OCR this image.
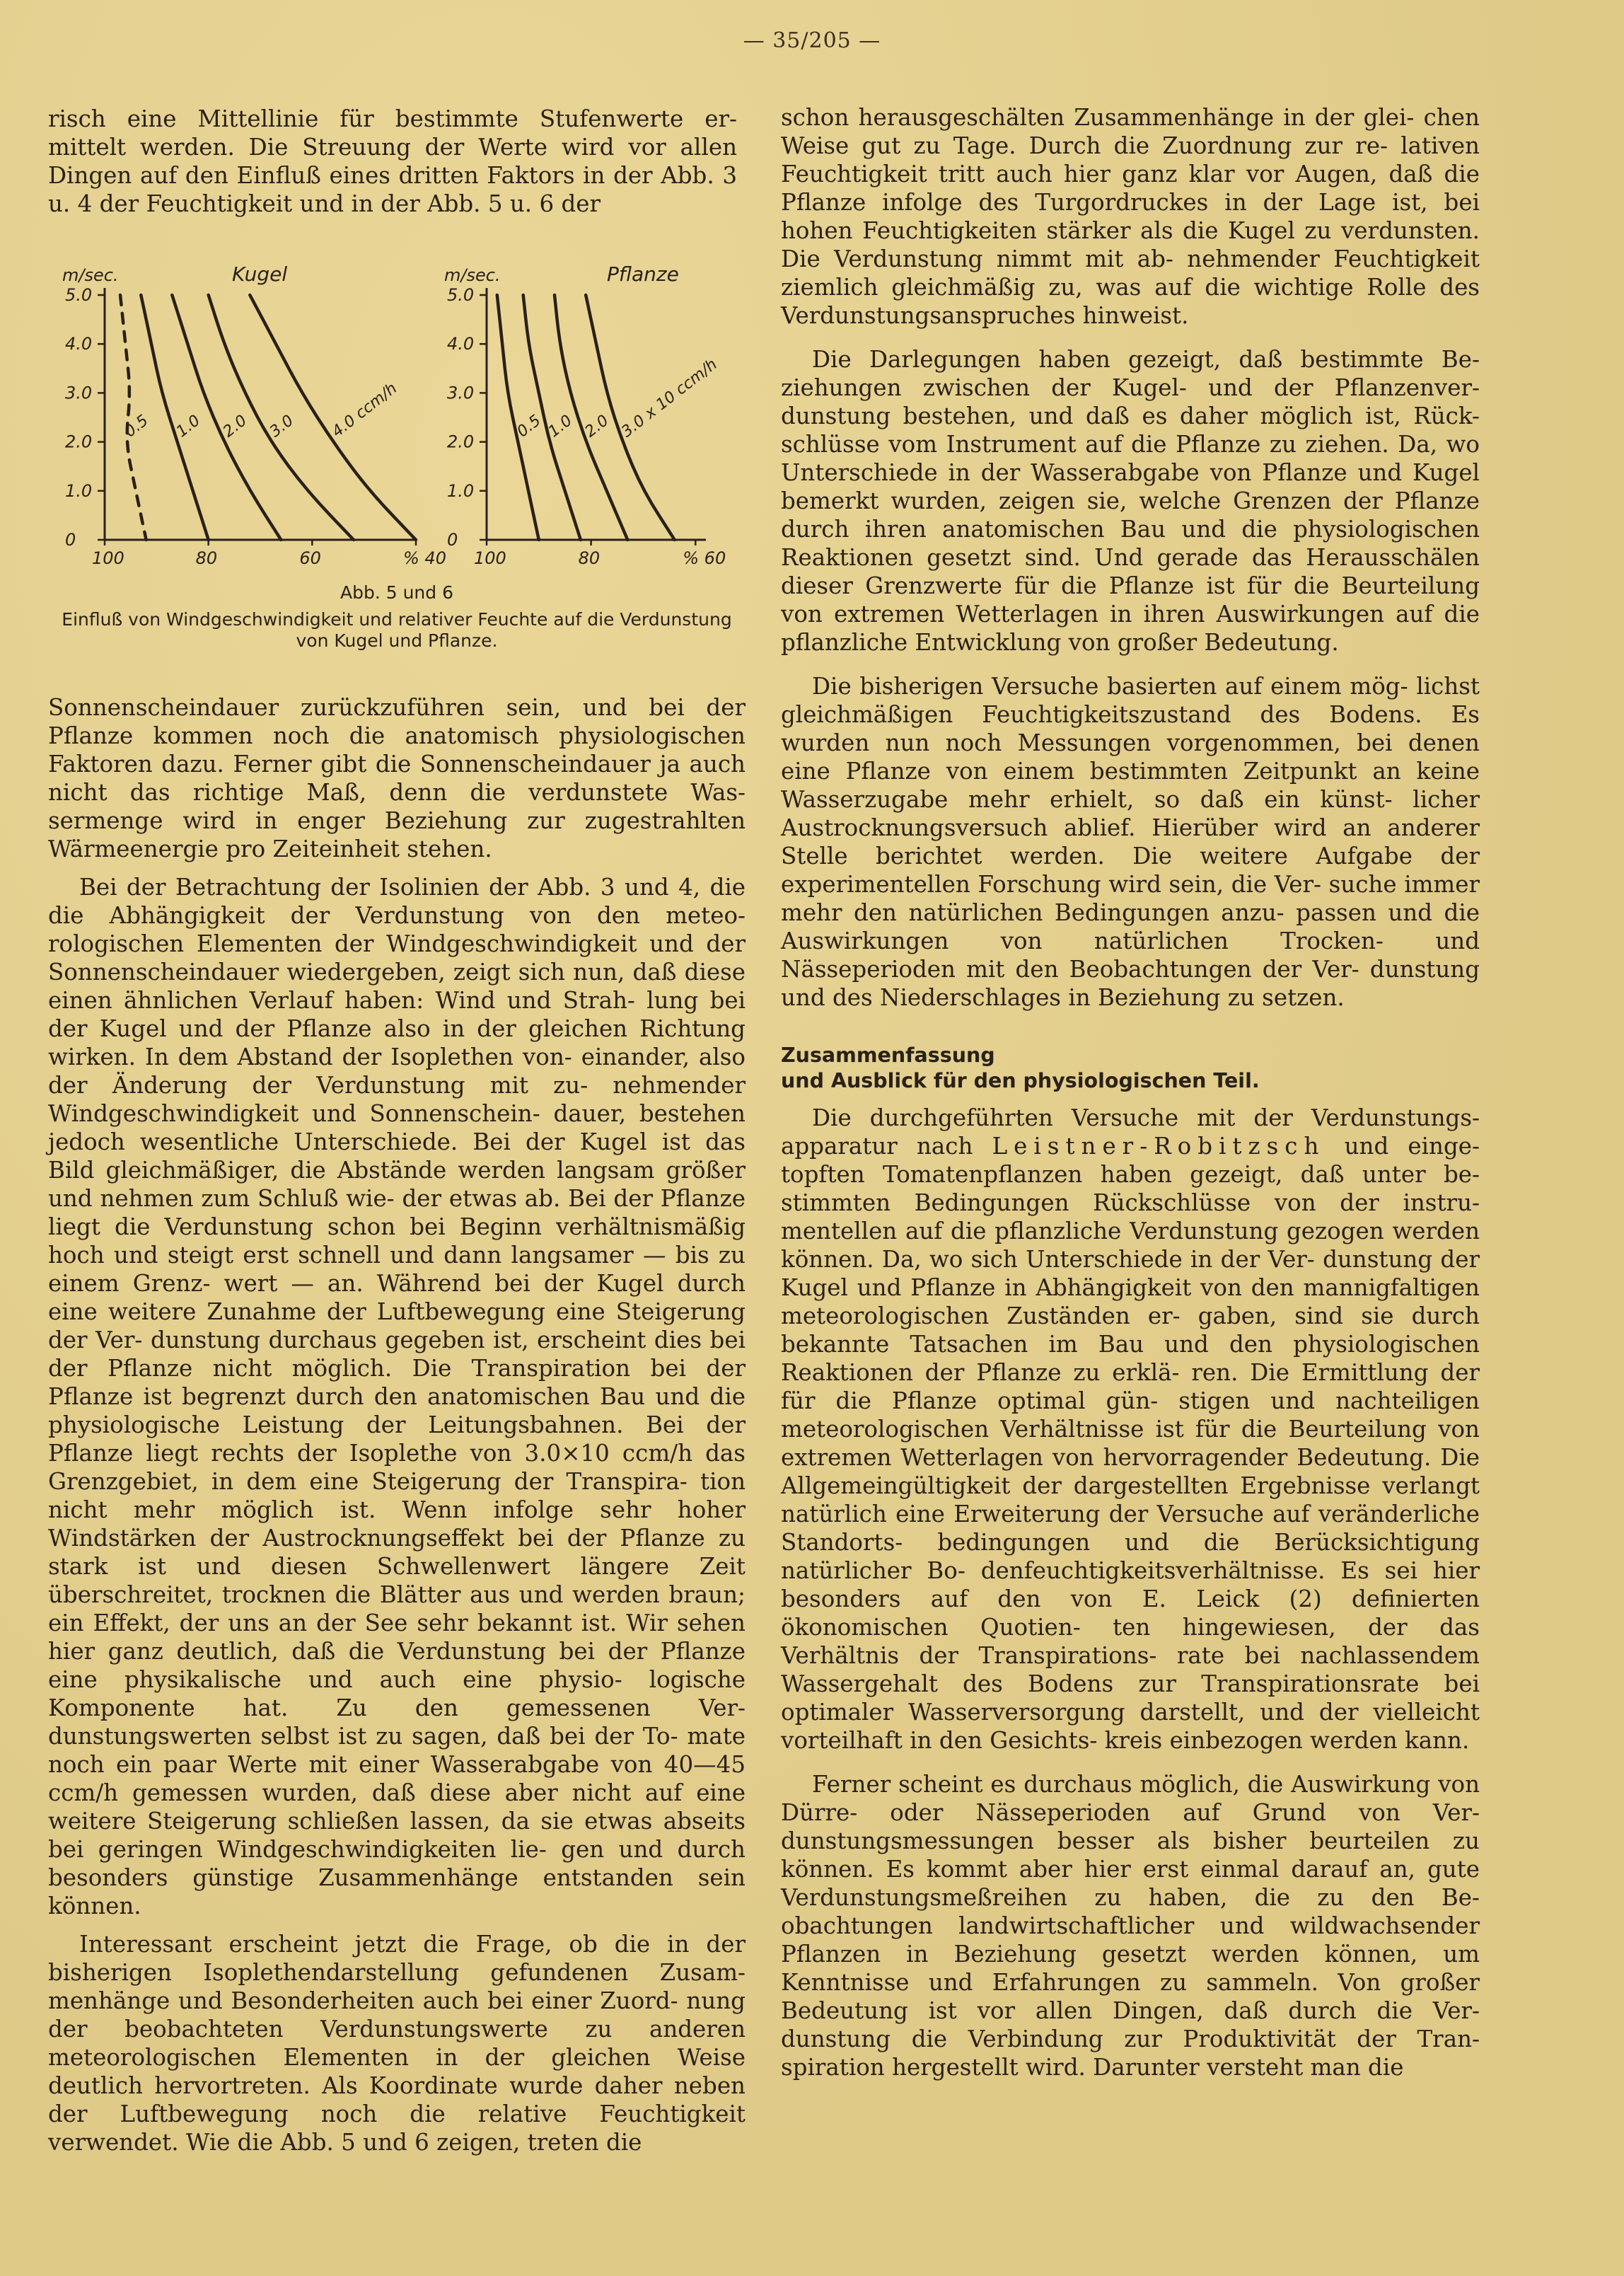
— 35/205 —

risch eine Mittellinie für bestimmte Stufenwerte er- mittelt werden. Die Streuung der Werte wird vor allen Dingen auf den Einfluß eines dritten Faktors in der Abb. 3 u. 4 der Feuchtigkeit und in der Abb. 5 u. 6 der

m/sec.	Kugel
5.0
4.0
3.0
2.0
1.0
0
100	80	60	% 40
0.5 1.0 2.0 3.0 4.0 ccm/h
m/sec.	Pflanze
5.0
4.0
3.0
2.0
1.0
0
100	80	% 60
0.5 1.0 2.0 3.0 x 10 ccm/h
Abb. 5 und 6
Einfluß von Windgeschwindigkeit und relativer Feuchte auf die Verdunstung von Kugel und Pflanze.

Sonnenscheindauer zurückzuführen sein, und bei der Pflanze kommen noch die anatomisch physiologischen Faktoren dazu. Ferner gibt die Sonnenscheindauer ja auch nicht das richtige Maß, denn die verdunstete Was- sermenge wird in enger Beziehung zur zugestrahlten Wärmeenergie pro Zeiteinheit stehen.

Bei der Betrachtung der Isolinien der Abb. 3 und 4, die die Abhängigkeit der Verdunstung von den meteo- rologischen Elementen der Windgeschwindigkeit und der Sonnenscheindauer wiedergeben, zeigt sich nun, daß diese einen ähnlichen Verlauf haben: Wind und Strah- lung bei der Kugel und der Pflanze also in der gleichen Richtung wirken. In dem Abstand der Isoplethen von- einander, also der Änderung der Verdunstung mit zu- nehmender Windgeschwindigkeit und Sonnenschein- dauer, bestehen jedoch wesentliche Unterschiede. Bei der Kugel ist das Bild gleichmäßiger, die Abstände werden langsam größer und nehmen zum Schluß wie- der etwas ab. Bei der Pflanze liegt die Verdunstung schon bei Beginn verhältnismäßig hoch und steigt erst schnell und dann langsamer — bis zu einem Grenz- wert — an. Während bei der Kugel durch eine weitere Zunahme der Luftbewegung eine Steigerung der Ver- dunstung durchaus gegeben ist, erscheint dies bei der Pflanze nicht möglich. Die Transpiration bei der Pflanze ist begrenzt durch den anatomischen Bau und die physiologische Leistung der Leitungsbahnen. Bei der Pflanze liegt rechts der Isoplethe von 3.0×10 ccm/h das Grenzgebiet, in dem eine Steigerung der Transpira- tion nicht mehr möglich ist. Wenn infolge sehr hoher Windstärken der Austrocknungseffekt bei der Pflanze zu stark ist und diesen Schwellenwert längere Zeit überschreitet, trocknen die Blätter aus und werden braun; ein Effekt, der uns an der See sehr bekannt ist. Wir sehen hier ganz deutlich, daß die Verdunstung bei der Pflanze eine physikalische und auch eine physio- logische Komponente hat. Zu den gemessenen Ver- dunstungswerten selbst ist zu sagen, daß bei der To- mate noch ein paar Werte mit einer Wasserabgabe von 40—45 ccm/h gemessen wurden, daß diese aber nicht auf eine weitere Steigerung schließen lassen, da sie etwas abseits bei geringen Windgeschwindigkeiten lie- gen und durch besonders günstige Zusammenhänge entstanden sein können.

Interessant erscheint jetzt die Frage, ob die in der bisherigen Isoplethendarstellung gefundenen Zusam- menhänge und Besonderheiten auch bei einer Zuord- nung der beobachteten Verdunstungswerte zu anderen meteorologischen Elementen in der gleichen Weise deutlich hervortreten. Als Koordinate wurde daher neben der Luftbewegung noch die relative Feuchtigkeit verwendet. Wie die Abb. 5 und 6 zeigen, treten die

schon herausgeschälten Zusammenhänge in der glei- chen Weise gut zu Tage. Durch die Zuordnung zur re- lativen Feuchtigkeit tritt auch hier ganz klar vor Augen, daß die Pflanze infolge des Turgordruckes in der Lage ist, bei hohen Feuchtigkeiten stärker als die Kugel zu verdunsten. Die Verdunstung nimmt mit ab- nehmender Feuchtigkeit ziemlich gleichmäßig zu, was auf die wichtige Rolle des Verdunstungsanspruches hinweist.

Die Darlegungen haben gezeigt, daß bestimmte Be- ziehungen zwischen der Kugel- und der Pflanzenver- dunstung bestehen, und daß es daher möglich ist, Rück- schlüsse vom Instrument auf die Pflanze zu ziehen. Da, wo Unterschiede in der Wasserabgabe von Pflanze und Kugel bemerkt wurden, zeigen sie, welche Grenzen der Pflanze durch ihren anatomischen Bau und die physiologischen Reaktionen gesetzt sind. Und gerade das Herausschälen dieser Grenzwerte für die Pflanze ist für die Beurteilung von extremen Wetterlagen in ihren Auswirkungen auf die pflanzliche Entwicklung von großer Bedeutung.

Die bisherigen Versuche basierten auf einem mög- lichst gleichmäßigen Feuchtigkeitszustand des Bodens. Es wurden nun noch Messungen vorgenommen, bei denen eine Pflanze von einem bestimmten Zeitpunkt an keine Wasserzugabe mehr erhielt, so daß ein künst- licher Austrocknungsversuch ablief. Hierüber wird an anderer Stelle berichtet werden. Die weitere Aufgabe der experimentellen Forschung wird sein, die Ver- suche immer mehr den natürlichen Bedingungen anzu- passen und die Auswirkungen von natürlichen Trocken- und Nässeperioden mit den Beobachtungen der Ver- dunstung und des Niederschlages in Beziehung zu setzen.

Zusammenfassung
und Ausblick für den physiologischen Teil.

Die durchgeführten Versuche mit der Verdunstungs- apparatur nach Leistner-Robitzsch und einge- topften Tomatenpflanzen haben gezeigt, daß unter be- stimmten Bedingungen Rückschlüsse von der instru- mentellen auf die pflanzliche Verdunstung gezogen werden können. Da, wo sich Unterschiede in der Ver- dunstung der Kugel und Pflanze in Abhängigkeit von den mannigfaltigen meteorologischen Zuständen er- gaben, sind sie durch bekannte Tatsachen im Bau und den physiologischen Reaktionen der Pflanze zu erklä- ren. Die Ermittlung der für die Pflanze optimal gün- stigen und nachteiligen meteorologischen Verhältnisse ist für die Beurteilung von extremen Wetterlagen von hervorragender Bedeutung. Die Allgemeingültigkeit der dargestellten Ergebnisse verlangt natürlich eine Erweiterung der Versuche auf veränderliche Standorts- bedingungen und die Berücksichtigung natürlicher Bo- denfeuchtigkeitsverhältnisse. Es sei hier besonders auf den von E. Leick (2) definierten ökonomischen Quotien- ten hingewiesen, der das Verhältnis der Transpirations- rate bei nachlassendem Wassergehalt des Bodens zur Transpirationsrate bei optimaler Wasserversorgung darstellt, und der vielleicht vorteilhaft in den Gesichts- kreis einbezogen werden kann.

Ferner scheint es durchaus möglich, die Auswirkung von Dürre- oder Nässeperioden auf Grund von Ver- dunstungsmessungen besser als bisher beurteilen zu können. Es kommt aber hier erst einmal darauf an, gute Verdunstungsmeßreihen zu haben, die zu den Be- obachtungen landwirtschaftlicher und wildwachsender Pflanzen in Beziehung gesetzt werden können, um Kenntnisse und Erfahrungen zu sammeln. Von großer Bedeutung ist vor allen Dingen, daß durch die Ver- dunstung die Verbindung zur Produktivität der Tran- spiration hergestellt wird. Darunter versteht man die
